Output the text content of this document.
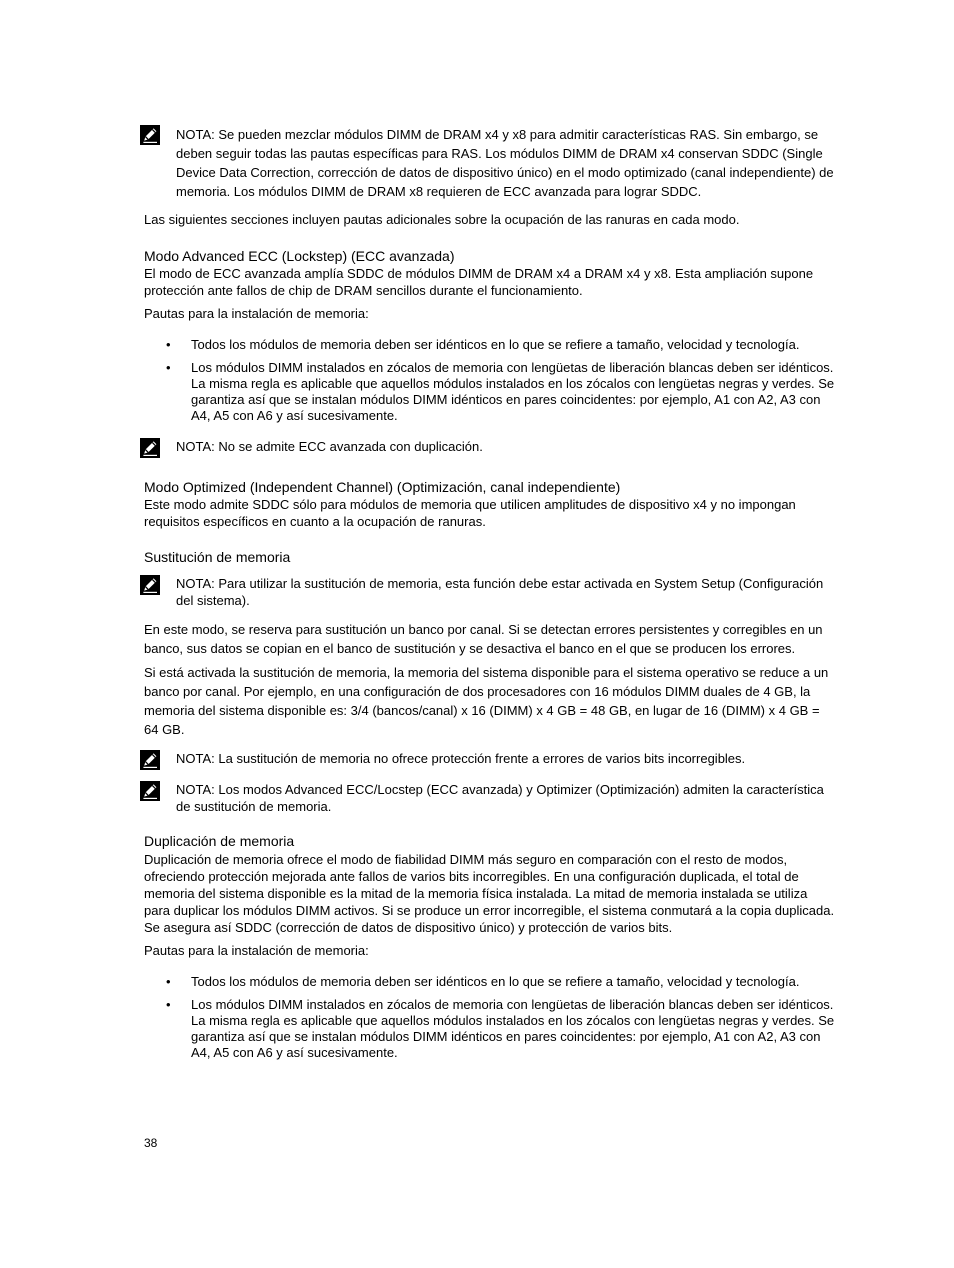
NOTA: Se pueden mezclar módulos DIMM de DRAM x4 y x8 para admitir características RAS. Sin embargo, se deben seguir todas las pautas específicas para RAS. Los módulos DIMM de DRAM x4 conservan SDDC (Single Device Data Correction, corrección de datos de dispositivo único) en el modo optimizado (canal independiente) de memoria. Los módulos DIMM de DRAM x8 requieren de ECC avanzada para lograr SDDC.

Las siguientes secciones incluyen pautas adicionales sobre la ocupación de las ranuras en cada modo.

Modo Advanced ECC (Lockstep) (ECC avanzada)

El modo de ECC avanzada amplía SDDC de módulos DIMM de DRAM x4 a DRAM x4 y x8. Esta ampliación supone protección ante fallos de chip de DRAM sencillos durante el funcionamiento.

Pautas para la instalación de memoria:

• Todos los módulos de memoria deben ser idénticos en lo que se refiere a tamaño, velocidad y tecnología.
• Los módulos DIMM instalados en zócalos de memoria con lengüetas de liberación blancas deben ser idénticos. La misma regla es aplicable que aquellos módulos instalados en los zócalos con lengüetas negras y verdes. Se garantiza así que se instalan módulos DIMM idénticos en pares coincidentes: por ejemplo, A1 con A2, A3 con A4, A5 con A6 y así sucesivamente.
NOTA: No se admite ECC avanzada con duplicación.
Modo Optimized (Independent Channel) (Optimización, canal independiente)

Este modo admite SDDC sólo para módulos de memoria que utilicen amplitudes de dispositivo x4 y no impongan requisitos específicos en cuanto a la ocupación de ranuras.

Sustitución de memoria
NOTA: Para utilizar la sustitución de memoria, esta función debe estar activada en System Setup (Configuración del sistema).

En este modo, se reserva para sustitución un banco por canal. Si se detectan errores persistentes y corregibles en un banco, sus datos se copian en el banco de sustitución y se desactiva el banco en el que se producen los errores.

Si está activada la sustitución de memoria, la memoria del sistema disponible para el sistema operativo se reduce a un banco por canal. Por ejemplo, en una configuración de dos procesadores con 16 módulos DIMM duales de 4 GB, la memoria del sistema disponible es: 3/4 (bancos/canal) x 16 (DIMM) x 4 GB = 48 GB, en lugar de 16 (DIMM) x 4 GB = 64 GB.

NOTA: La sustitución de memoria no ofrece protección frente a errores de varios bits incorregibles.
NOTA: Los modos Advanced ECC/Locstep (ECC avanzada) y Optimizer (Optimización) admiten la característica de sustitución de memoria.
Duplicación de memoria

Duplicación de memoria ofrece el modo de fiabilidad DIMM más seguro en comparación con el resto de modos, ofreciendo protección mejorada ante fallos de varios bits incorregibles. En una configuración duplicada, el total de memoria del sistema disponible es la mitad de la memoria física instalada. La mitad de memoria instalada se utiliza para duplicar los módulos DIMM activos. Si se produce un error incorregible, el sistema conmutará a la copia duplicada. Se asegura así SDDC (corrección de datos de dispositivo único) y protección de varios bits.

Pautas para la instalación de memoria:

• Todos los módulos de memoria deben ser idénticos en lo que se refiere a tamaño, velocidad y tecnología.
• Los módulos DIMM instalados en zócalos de memoria con lengüetas de liberación blancas deben ser idénticos. La misma regla es aplicable que aquellos módulos instalados en los zócalos con lengüetas negras y verdes. Se garantiza así que se instalan módulos DIMM idénticos en pares coincidentes: por ejemplo, A1 con A2, A3 con A4, A5 con A6 y así sucesivamente.
38
